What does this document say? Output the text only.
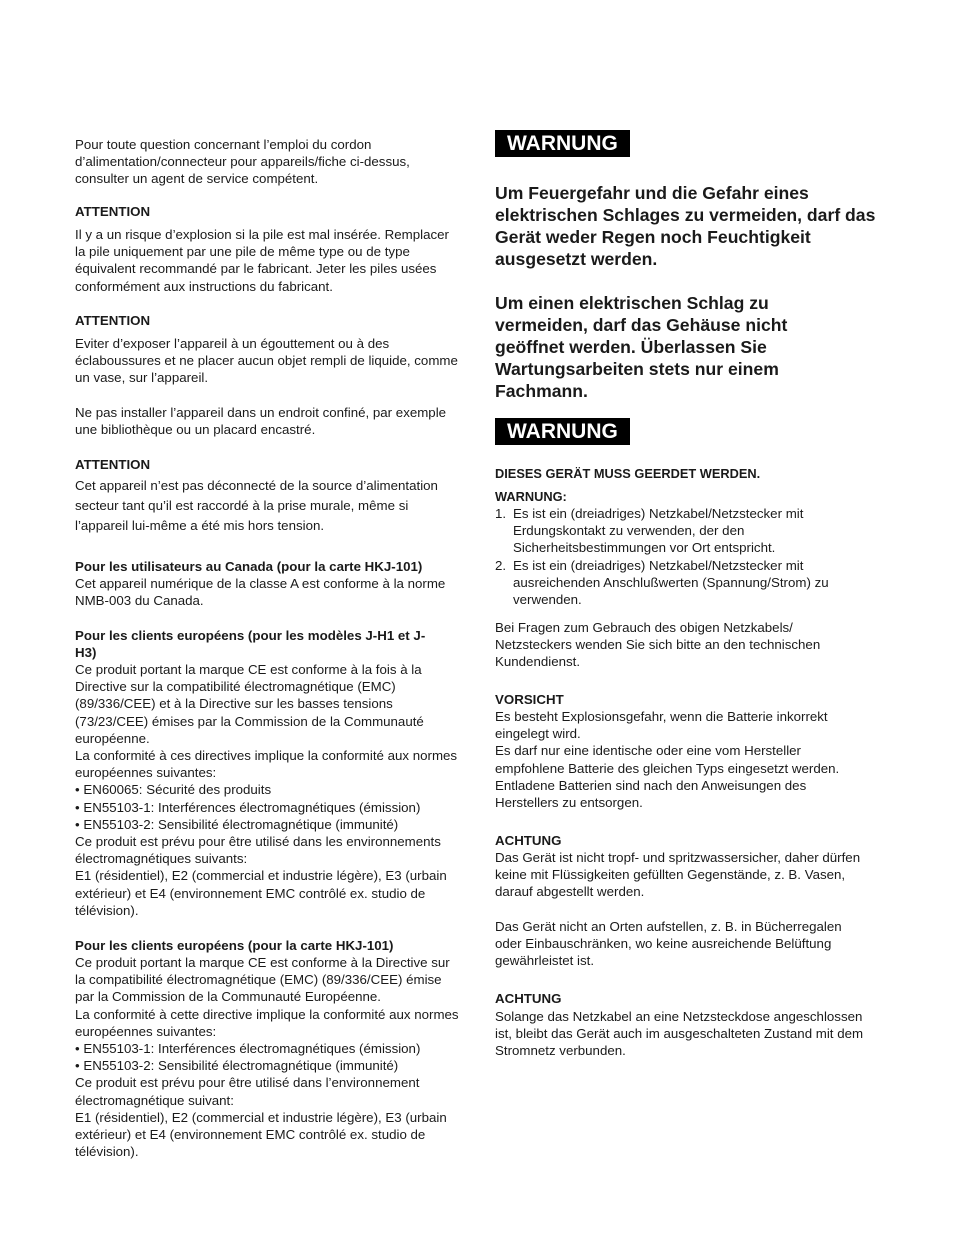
Pour toute question concernant l’emploi du cordon d’alimentation/connecteur pour appareils/fiche ci-dessus, consulter un agent de service compétent.

ATTENTION

Il y a un risque d’explosion si la pile est mal insérée. Remplacer la pile uniquement par une pile de même type ou de type équivalent recommandé par le fabricant. Jeter les piles usées conformément aux instructions du fabricant.

ATTENTION

Eviter d’exposer l’appareil à un égouttement ou à des éclaboussures et ne placer aucun objet rempli de liquide, comme un vase, sur l’appareil.

Ne pas installer l’appareil dans un endroit confiné, par exemple une bibliothèque ou un placard encastré.

ATTENTION

Cet appareil n’est pas déconnecté de la source d’alimentation secteur tant qu’il est raccordé à la prise murale, même si l’appareil lui-même a été mis hors tension.

Pour les utilisateurs au Canada (pour la carte HKJ-101)

Cet appareil numérique de la classe A est conforme à la norme NMB-003 du Canada.

Pour les clients européens (pour les modèles J-H1 et J-H3)

Ce produit portant la marque CE est conforme à la fois à la Directive sur la compatibilité électromagnétique (EMC) (89/336/CEE) et à la Directive sur les basses tensions (73/23/CEE) émises par la Commission de la Communauté européenne.

La conformité à ces directives implique la conformité aux normes européennes suivantes:

• EN60065: Sécurité des produits
• EN55103-1: Interférences électromagnétiques (émission)
• EN55103-2: Sensibilité électromagnétique (immunité)

Ce produit est prévu pour être utilisé dans les environnements électromagnétiques suivants:

E1 (résidentiel), E2 (commercial et industrie légère), E3 (urbain extérieur) et E4 (environnement EMC contrôlé ex. studio de télévision).

Pour les clients européens (pour la carte HKJ-101)

Ce produit portant la marque CE est conforme à la Directive sur la compatibilité électromagnétique (EMC) (89/336/CEE) émise par la Commission de la Communauté Européenne.

La conformité à cette directive implique la conformité aux normes européennes suivantes:

• EN55103-1: Interférences électromagnétiques (émission)
• EN55103-2: Sensibilité électromagnétique (immunité)

Ce produit est prévu pour être utilisé dans l’environnement électromagnétique suivant:

E1 (résidentiel), E2 (commercial et industrie légère), E3 (urbain extérieur) et E4 (environnement EMC contrôlé ex. studio de télévision).

WARNUNG

Um Feuergefahr und die Gefahr eines elektrischen Schlages zu vermeiden, darf das Gerät weder Regen noch Feuchtigkeit ausgesetzt werden.

Um einen elektrischen Schlag zu vermeiden, darf das Gehäuse nicht geöffnet werden. Überlassen Sie Wartungsarbeiten stets nur einem Fachmann.

WARNUNG
DIESES GERÄT MUSS GEERDET WERDEN.
WARNUNG:
1. Es ist ein (dreiadriges) Netzkabel/Netzstecker mit Erdungskontakt zu verwenden, der den Sicherheitsbestimmungen vor Ort entspricht.
2. Es ist ein (dreiadriges) Netzkabel/Netzstecker mit ausreichenden Anschlußwerten (Spannung/Strom) zu verwenden.

Bei Fragen zum Gebrauch des obigen Netzkabels/ Netzsteckers wenden Sie sich bitte an den technischen Kundendienst.

VORSICHT

Es besteht Explosionsgefahr, wenn die Batterie inkorrekt eingelegt wird.

Es darf nur eine identische oder eine vom Hersteller empfohlene Batterie des gleichen Typs eingesetzt werden. Entladene Batterien sind nach den Anweisungen des Herstellers zu entsorgen.

ACHTUNG

Das Gerät ist nicht tropf- und spritzwassersicher, daher dürfen keine mit Flüssigkeiten gefüllten Gegenstände, z. B. Vasen, darauf abgestellt werden.

Das Gerät nicht an Orten aufstellen, z. B. in Bücherregalen oder Einbauschränken, wo keine ausreichende Belüftung gewährleistet ist.

ACHTUNG

Solange das Netzkabel an eine Netzsteckdose angeschlossen ist, bleibt das Gerät auch im ausgeschalteten Zustand mit dem Stromnetz verbunden.
